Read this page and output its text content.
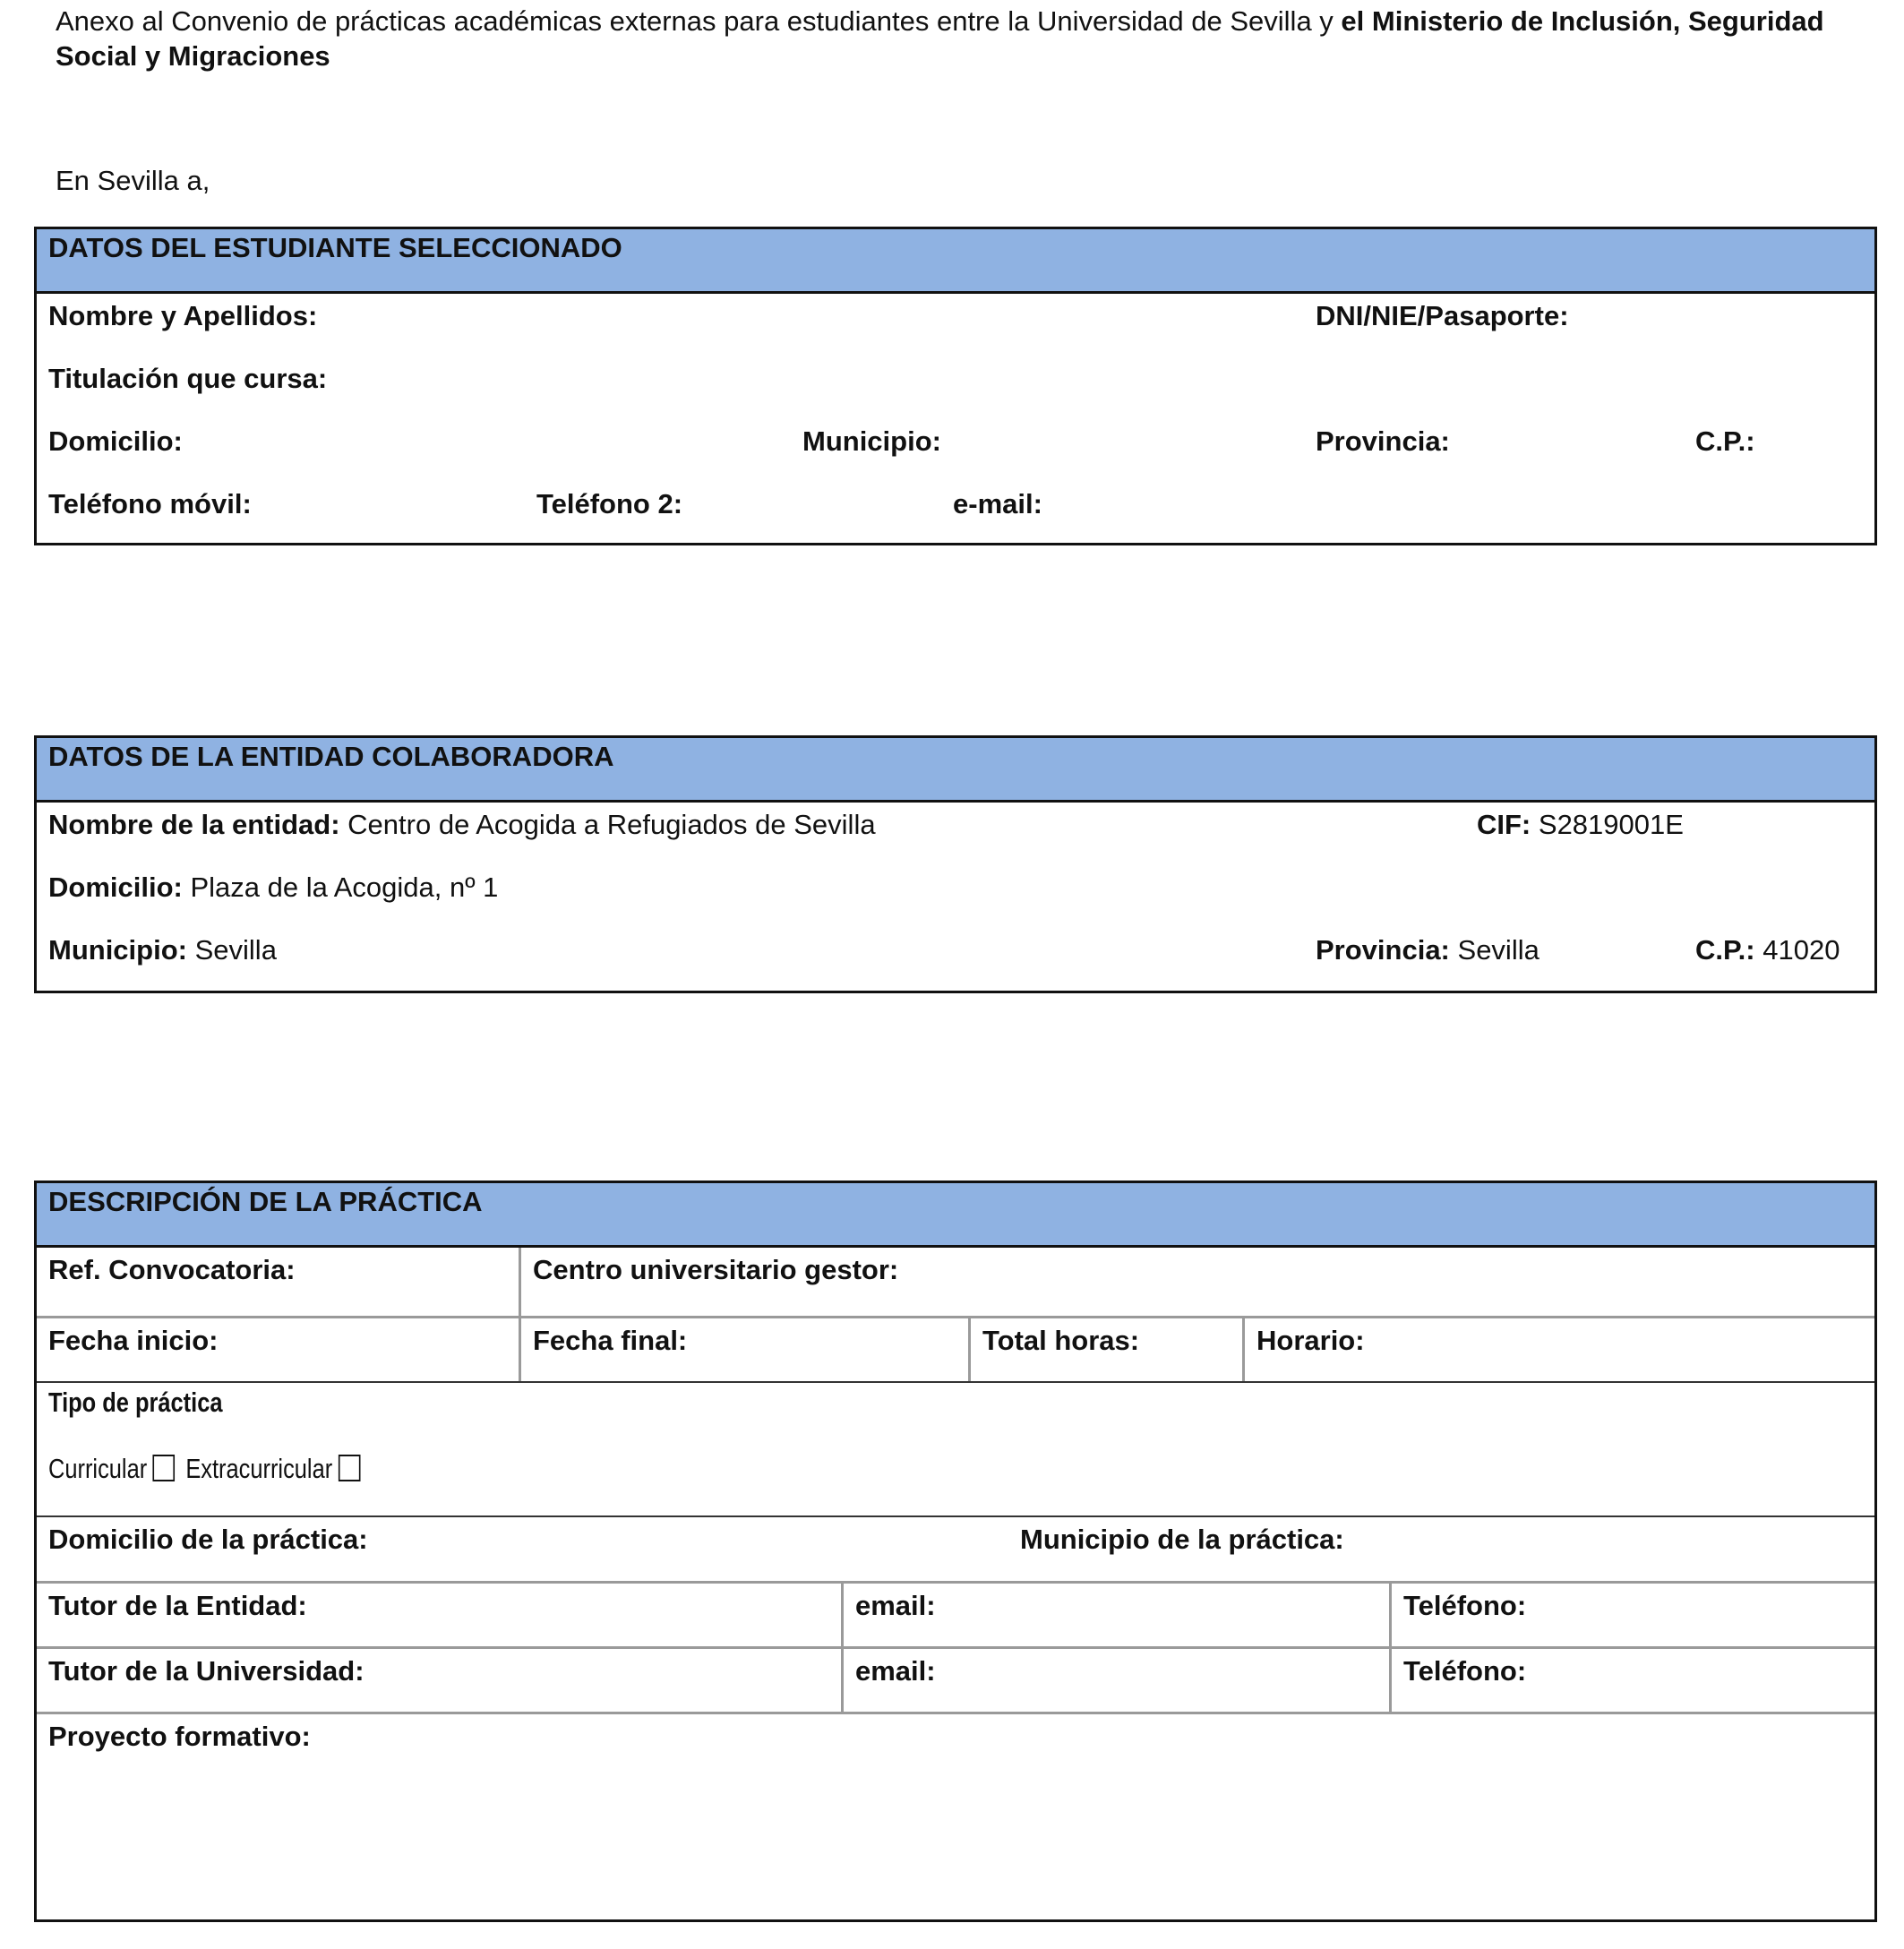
Anexo al Convenio de prácticas académicas externas para estudiantes entre la Universidad de Sevilla y el Ministerio de Inclusión, Seguridad Social y Migraciones
En Sevilla a,
DATOS DEL ESTUDIANTE SELECCIONADO
Nombre y Apellidos:	DNI/NIE/Pasaporte:
Titulación que cursa:
Domicilio:	Municipio:	Provincia:	C.P.:
Teléfono móvil:	Teléfono 2:	e-mail:
DATOS DE LA ENTIDAD COLABORADORA
Nombre de la entidad: Centro de Acogida a Refugiados de Sevilla	CIF: S2819001E
Domicilio: Plaza de la Acogida, nº 1
Municipio: Sevilla	Provincia: Sevilla	C.P.: 41020
DESCRIPCIÓN DE LA PRÁCTICA
Ref. Convocatoria:	Centro universitario gestor:
Fecha inicio:	Fecha final:	Total horas:	Horario:
Tipo de práctica
Curricular Extracurricular
Domicilio de la práctica:	Municipio de la práctica:
Tutor de la Entidad:	email:	Teléfono:
Tutor de la Universidad:	email:	Teléfono:
Proyecto formativo:
